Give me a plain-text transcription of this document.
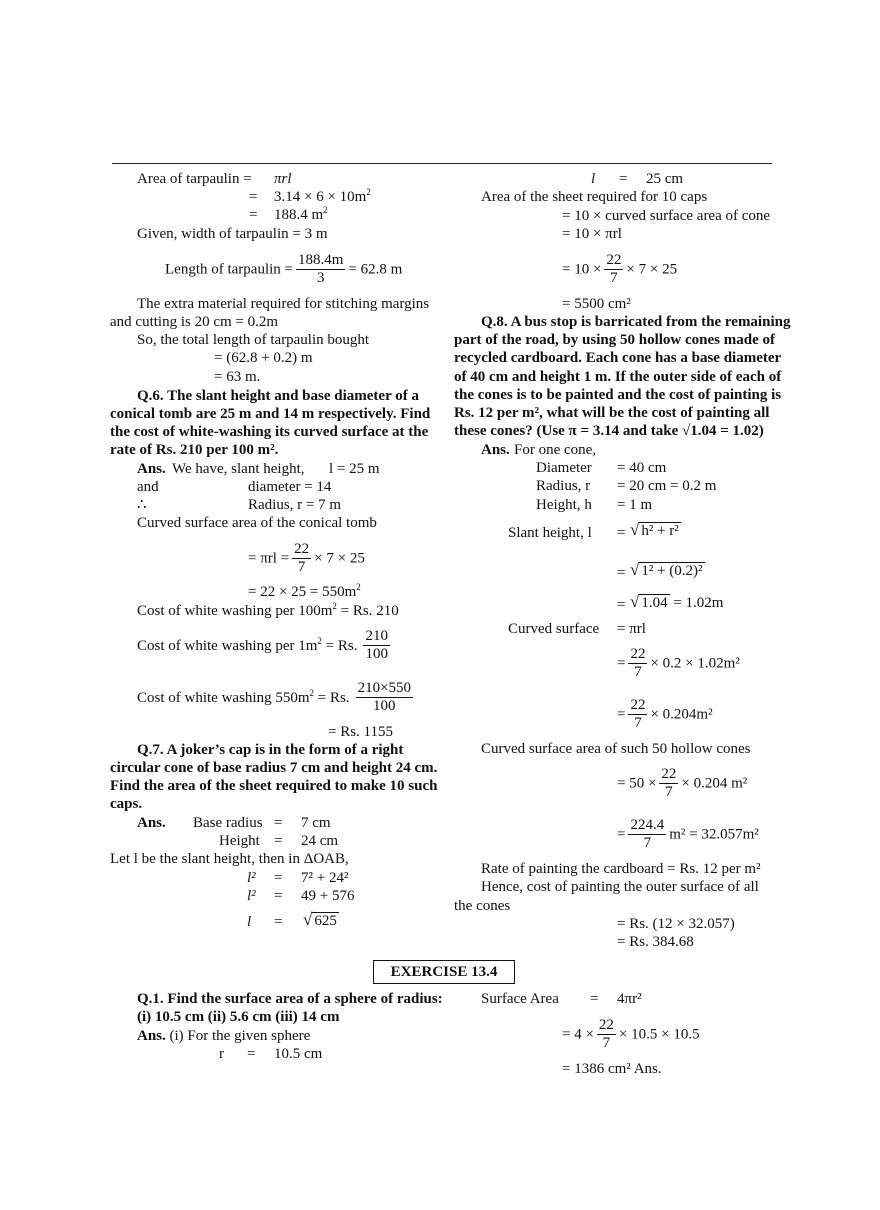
Area of tarpaulin = πrl
= $3.14 \times 6 \times 10m^2$
= 188.4 $m^2$
Given, width of tarpaulin = 3 m
Length of tarpaulin = $\frac{188.4m}{3} = 62.8$ m
The extra material required for stitching margins
and cutting is 20 cm = 0.2m
So, the total length of tarpaulin bought
= (62.8 + 0.2) m
= 63 m.
Q.6. The slant height and base diameter of a
conical tomb are 25 m and 14 m respectively. Find
the cost of white-washing its curved surface at the
rate of Rs. 210 per 100 m².
Ans. We have, slant height, l = 25 m
and	diameter = 14
∴	Radius, r = 7 m
Curved surface area of the conical tomb
= $\pi rl = \frac{22}{7} \times 7 \times 25$
= $22 \times 25 = 550m^2$
Cost of white washing per $100m^2 = Rs$. 210
Cost of white washing per $1m^2 = Rs$. $\frac{210}{100}$
Cost of white washing $550m^2 = Rs$. $\frac{210\times 550}{100}$
= Rs. 1155
Q.7. A joker’s cap is in the form of a right
circular cone of base radius 7 cm and height 24 cm.
Find the area of the sheet required to make 10 such
caps.
Ans. Base radius = 7 cm
Height = 24 cm
Let l be the slant height, then in ΔOAB,
l² = 7² + 24²
l² = 49 + 576
l = √ 625
l = 25 cm
Area of the sheet required for 10 caps
= 10 × curved surface area of cone
= 10 × πrl
= $10 \times \frac{22}{7} \times 7 \times 25$
= 5500 cm²
Q.8. A bus stop is barricated from the remaining
part of the road, by using 50 hollow cones made of
recycled cardboard. Each cone has a base diameter
of 40 cm and height 1 m. If the outer side of each of
the cones is to be painted and the cost of painting is
Rs. 12 per m², what will be the cost of painting all
these cones? (Use π = 3.14 and take √1.04 = 1.02)
Ans. For one cone,
Diameter = 40 cm
Radius, r = 20 cm = 0.2 m
Height, h = 1 m
Slant height, l = √ h² + r²
= √ 1² + (0.2)²
= √ 1.04 = 1.02m
Curved surface = πrl
= $\frac{22}{7} \times 0.2 \times 1.02m^2$
= $\frac{22}{7} \times 0.204m^2$
Curved surface area of such 50 hollow cones
= $50 \times \frac{22}{7} \times 0.204$ m²
= $\frac{224.4}{7} m^2 = 32.057m^2$
Rate of painting the cardboard = Rs. 12 per m²
Hence, cost of painting the outer surface of all
the cones
= Rs. (12 × 32.057)
= Rs. 384.68
EXERCISE 13.4
Q.1. Find the surface area of a sphere of radius:
(i) 10.5 cm (ii) 5.6 cm (iii) 14 cm
Ans. (i) For the given sphere
r = 10.5 cm
Surface Area = 4πr²
= $4 \times \frac{22}{7} \times 10.5 \times 10.5$
= 1386 cm² Ans.
